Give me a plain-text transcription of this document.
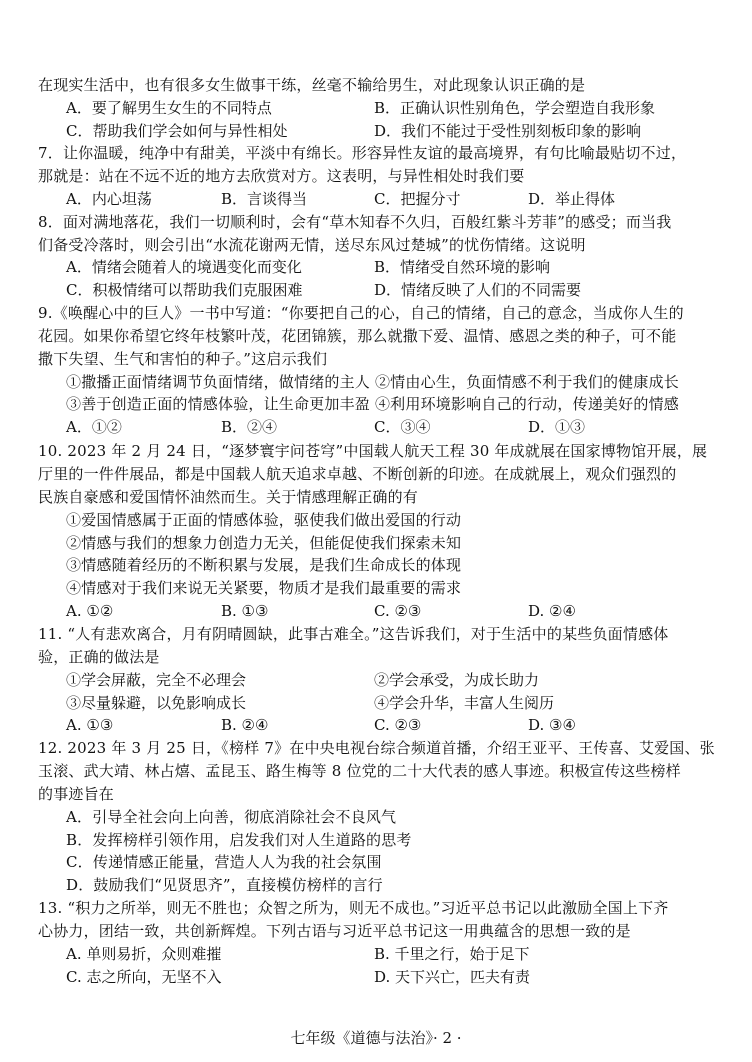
在现实生活中，也有很多女生做事干练，丝毫不输给男生，对此现象认识正确的是
A．要了解男生女生的不同特点	B．正确认识性别角色，学会塑造自我形象
C．帮助我们学会如何与异性相处	D．我们不能过于受性别刻板印象的影响
7．让你温暖，纯净中有甜美，平淡中有绵长。形容异性友谊的最高境界，有句比喻最贴切不过，
那就是：站在不远不近的地方去欣赏对方。这表明，与异性相处时我们要
A．内心坦荡	B．言谈得当	C．把握分寸	D．举止得体
8．面对满地落花，我们一切顺利时，会有“草木知春不久归，百般红紫斗芳菲”的感受；而当我
们备受冷落时，则会引出“水流花谢两无情，送尽东风过楚城”的忧伤情绪。这说明
A．情绪会随着人的境遇变化而变化	B．情绪受自然环境的影响
C．积极情绪可以帮助我们克服困难	D．情绪反映了人们的不同需要
9.《唤醒心中的巨人》一书中写道：“你要把自己的心，自己的情绪，自己的意念，当成你人生的
花园。如果你希望它终年枝繁叶茂，花团锦簇，那么就撒下爱、温情、感恩之类的种子，可不能
撒下失望、生气和害怕的种子。”这启示我们
①撒播正面情绪调节负面情绪，做情绪的主人 ②情由心生，负面情感不利于我们的健康成长
③善于创造正面的情感体验，让生命更加丰盈 ④利用环境影响自己的行动，传递美好的情感
A．①②	B．②④	C．③④	D．①③
10. 2023 年 2 月 24 日，“逐梦寰宇问苍穹”中国载人航天工程 30 年成就展在国家博物馆开展，展
厅里的一件件展品，都是中国载人航天追求卓越、不断创新的印迹。在成就展上，观众们强烈的
民族自豪感和爱国情怀油然而生。关于情感理解正确的有
①爱国情感属于正面的情感体验，驱使我们做出爱国的行动
②情感与我们的想象力创造力无关，但能促使我们探索未知
③情感随着经历的不断积累与发展，是我们生命成长的体现
④情感对于我们来说无关紧要，物质才是我们最重要的需求
A. ①②	B. ①③	C. ②③	D. ②④
11. “人有悲欢离合，月有阴晴圆缺，此事古难全。”这告诉我们，对于生活中的某些负面情感体
验，正确的做法是
①学会屏蔽，完全不必理会	②学会承受，为成长助力
③尽量躲避，以免影响成长	④学会升华，丰富人生阅历
A. ①③	B. ②④	C. ②③	D. ③④
12. 2023 年 3 月 25 日，《榜样 7》在中央电视台综合频道首播，介绍王亚平、王传喜、艾爱国、张
玉滚、武大靖、林占熺、孟昆玉、路生梅等 8 位党的二十大代表的感人事迹。积极宣传这些榜样
的事迹旨在
A．引导全社会向上向善，彻底消除社会不良风气
B．发挥榜样引领作用，启发我们对人生道路的思考
C．传递情感正能量，营造人人为我的社会氛围
D．鼓励我们“见贤思齐”，直接模仿榜样的言行
13. “积力之所举，则无不胜也；众智之所为，则无不成也。”习近平总书记以此激励全国上下齐
心协力，团结一致，共创新辉煌。下列古语与习近平总书记这一用典蕴含的思想一致的是
A. 单则易折，众则难摧	B. 千里之行，始于足下
C. 志之所向，无坚不入	D. 天下兴亡，匹夫有责
七年级《道德与法治》· 2 ·
